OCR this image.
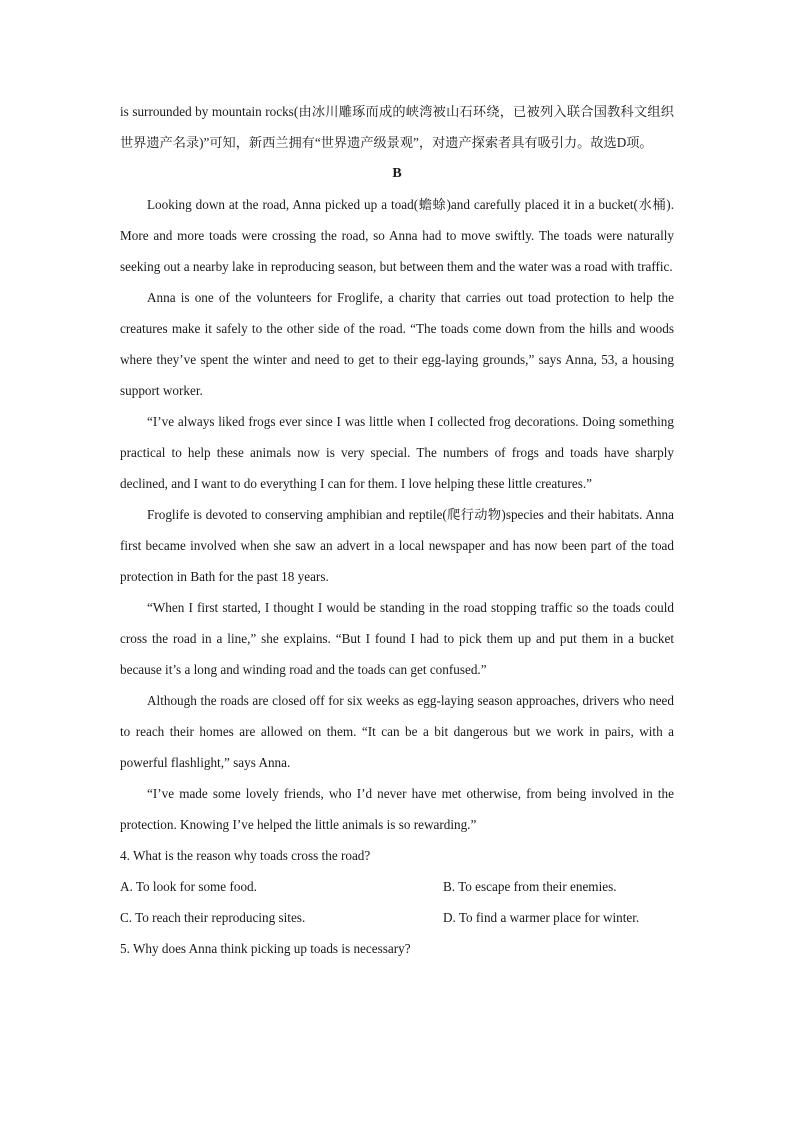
is surrounded by mountain rocks(由冰川雕琢而成的峡湾被山石环绕，已被列入联合国教科文组织世界遗产名录)”可知，新西兰拥有“世界遗产级景观”，对遗产探索者具有吸引力。故选D项。

B

Looking down at the road, Anna picked up a toad(蟾蜍)and carefully placed it in a bucket(水桶). More and more toads were crossing the road, so Anna had to move swiftly. The toads were naturally seeking out a nearby lake in reproducing season, but between them and the water was a road with traffic.

Anna is one of the volunteers for Froglife, a charity that carries out toad protection to help the creatures make it safely to the other side of the road. “The toads come down from the hills and woods where they’ve spent the winter and need to get to their egg-laying grounds,” says Anna, 53, a housing support worker.

“I’ve always liked frogs ever since I was little when I collected frog decorations. Doing something practical to help these animals now is very special. The numbers of frogs and toads have sharply declined, and I want to do everything I can for them. I love helping these little creatures.”

Froglife is devoted to conserving amphibian and reptile(爬行动物)species and their habitats. Anna first became involved when she saw an advert in a local newspaper and has now been part of the toad protection in Bath for the past 18 years.

“When I first started, I thought I would be standing in the road stopping traffic so the toads could cross the road in a line,” she explains. “But I found I had to pick them up and put them in a bucket because it’s a long and winding road and the toads can get confused.”

Although the roads are closed off for six weeks as egg-laying season approaches, drivers who need to reach their homes are allowed on them. “It can be a bit dangerous but we work in pairs, with a powerful flashlight,” says Anna.

“I’ve made some lovely friends, who I’d never have met otherwise, from being involved in the protection. Knowing I’ve helped the little animals is so rewarding.”

4. What is the reason why toads cross the road?

A. To look for some food.	B. To escape from their enemies.
C. To reach their reproducing sites.	D. To find a warmer place for winter.

5. Why does Anna think picking up toads is necessary?
